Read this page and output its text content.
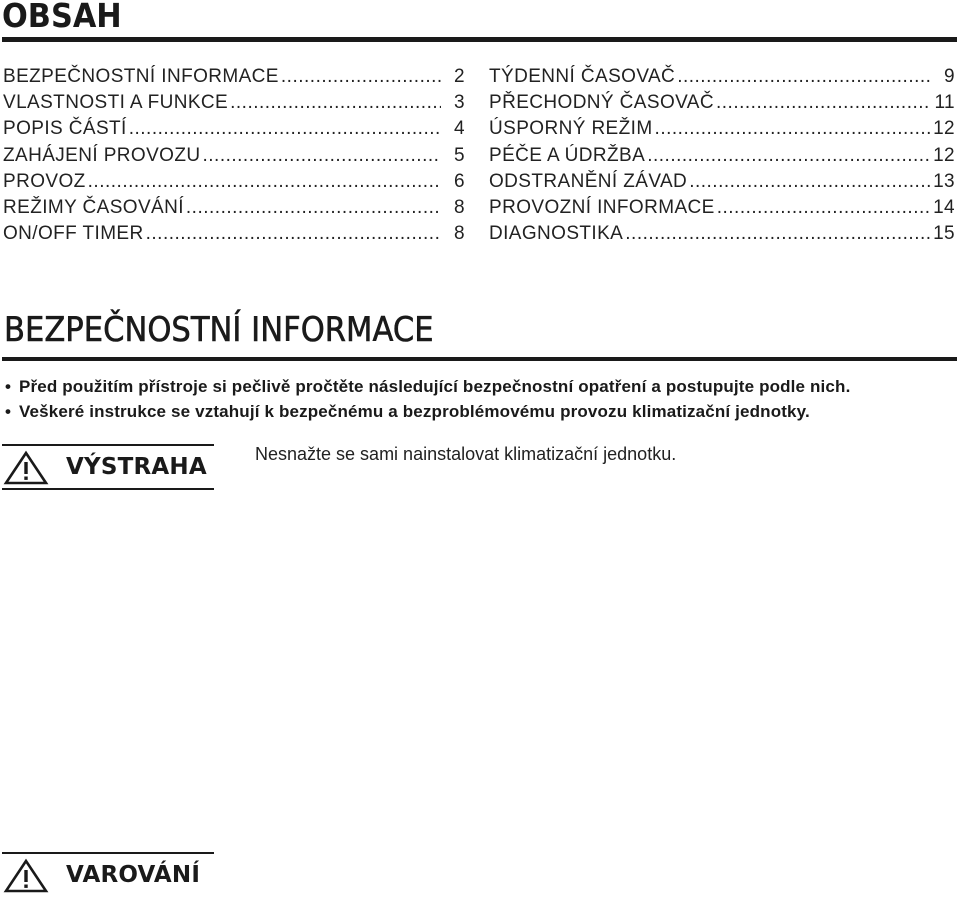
OBSAH
BEZPEČNOSTNÍ INFORMACE .....	2
VLASTNOSTI A FUNKCE .....	3
POPIS ČÁSTÍ .....	4
ZAHÁJENÍ PROVOZU .....	5
PROVOZ .....	6
REŽIMY ČASOVÁNÍ .....	8
ON/OFF TIMER .....	8
TÝDENNÍ ČASOVAČ .....	9
PŘECHODNÝ ČASOVAČ .....	11
ÚSPORNÝ REŽIM .....	12
PÉČE A ÚDRŽBA .....	12
ODSTRANĚNÍ ZÁVAD .....	13
PROVOZNÍ INFORMACE .....	14
DIAGNOSTIKA .....	15
BEZPEČNOSTNÍ INFORMACE
• Před použitím přístroje si pečlivě pročtěte následující bezpečnostní opatření a postupujte podle nich.
• Veškeré instrukce se vztahují k bezpečnému a bezproblémovému provozu klimatizační jednotky.
VÝSTRAHA	Nesnažte se sami nainstalovat klimatizační jednotku.
VAROVÁNÍ
